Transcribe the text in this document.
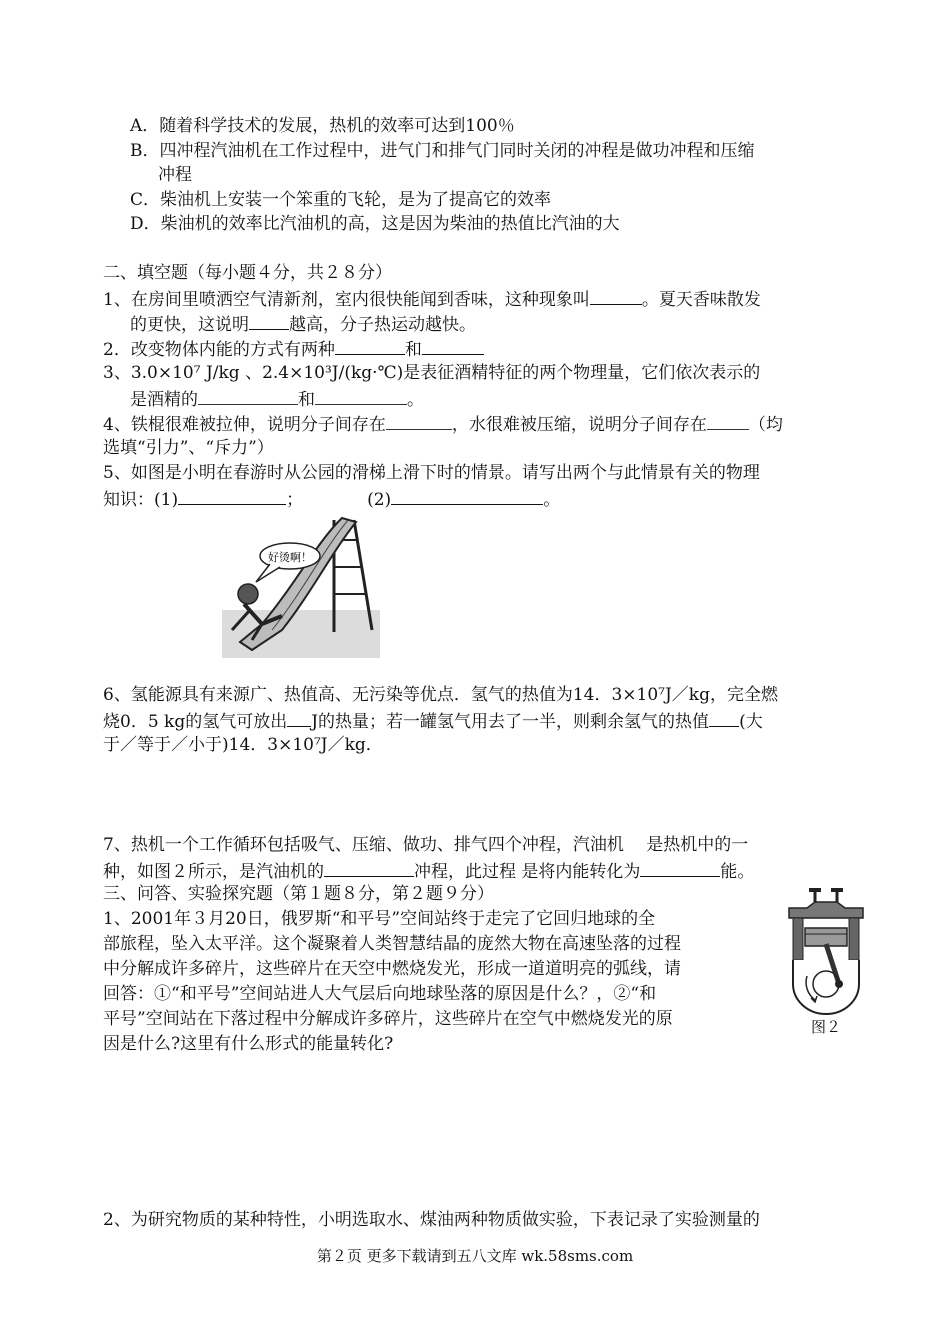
A．随着科学技术的发展，热机的效率可达到100％
B．四冲程汽油机在工作过程中，进气门和排气门同时关闭的冲程是做功冲程和压缩
冲程
C．柴油机上安装一个笨重的飞轮，是为了提高它的效率
D．柴油机的效率比汽油机的高，这是因为柴油的热值比汽油的大
二、填空题（每小题４分，共２８分）
1、在房间里喷洒空气清新剂，室内很快能闻到香味，这种现象叫	。夏天香味散发
的更快，这说明 越高，分子热运动越快。
2．改变物体内能的方式有两种	和
3、3.0×10⁷ J/kg 、2.4×10³J/(kg·℃)是表征酒精特征的两个物理量，它们依次表示的
是酒精的	和	。
4、铁棍很难被拉伸，说明分子间存在	，水很难被压缩，说明分子间存在 （均
选填“引力”、“斥力”）
5、如图是小明在春游时从公园的滑梯上滑下时的情景。请写出两个与此情景有关的物理
知识：(1)	；	(2)	。
好烫啊！
6、氢能源具有来源广、热值高、无污染等优点．氢气的热值为14．3×10⁷J／kg，完全燃
烧0．5 kg的氢气可放出 J的热量；若一罐氢气用去了一半，则剩余氢气的热值 (大
于／等于／小于)14．3×10⁷J／kg．
7、热机一个工作循环包括吸气、压缩、做功、排气四个冲程，汽油机　 是热机中的一
种，如图２所示，是汽油机的	冲程，此过程 是将内能转化为	能。
三、问答、实验探究题（第１题８分，第２题９分）
1、2001年３月20日，俄罗斯“和平号”空间站终于走完了它回归地球的全
部旅程，坠入太平洋。这个凝聚着人类智慧结晶的庞然大物在高速坠落的过程
中分解成许多碎片，这些碎片在天空中燃烧发光，形成一道道明亮的弧线，请
回答：①“和平号”空间站进人大气层后向地球坠落的原因是什么？，②“和
平号”空间站在下落过程中分解成许多碎片，这些碎片在空气中燃烧发光的原
因是什么?这里有什么形式的能量转化?
图２
2、为研究物质的某种特性，小明选取水、煤油两种物质做实验，下表记录了实验测量的
第２页 更多下载请到五八文库 wk.58sms.com
